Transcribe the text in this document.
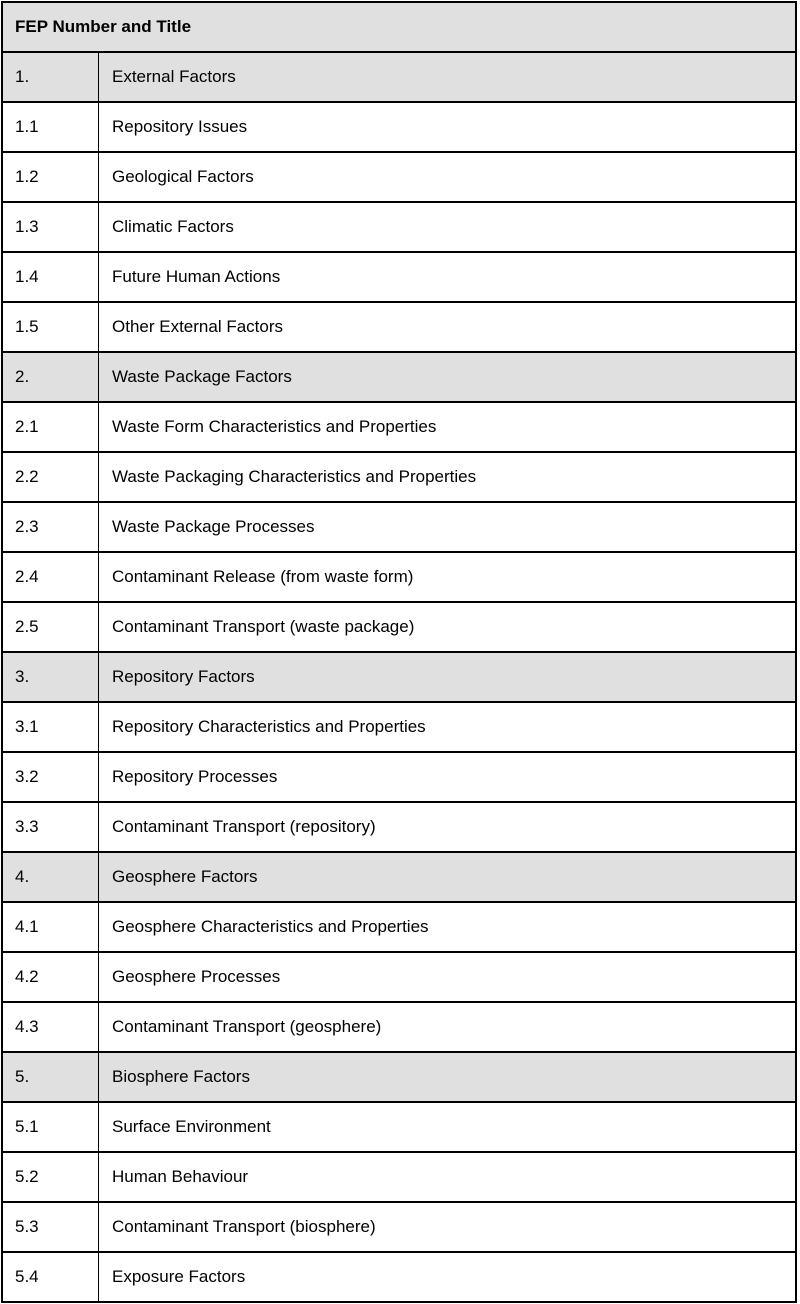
FEP Number and Title
1.	External Factors
1.1	Repository Issues
1.2	Geological Factors
1.3	Climatic Factors
1.4	Future Human Actions
1.5	Other External Factors
2.	Waste Package Factors
2.1	Waste Form Characteristics and Properties
2.2	Waste Packaging Characteristics and Properties
2.3	Waste Package Processes
2.4	Contaminant Release (from waste form)
2.5	Contaminant Transport (waste package)
3.	Repository Factors
3.1	Repository Characteristics and Properties
3.2	Repository Processes
3.3	Contaminant Transport (repository)
4.	Geosphere Factors
4.1	Geosphere Characteristics and Properties
4.2	Geosphere Processes
4.3	Contaminant Transport (geosphere)
5.	Biosphere Factors
5.1	Surface Environment
5.2	Human Behaviour
5.3	Contaminant Transport (biosphere)
5.4	Exposure Factors
